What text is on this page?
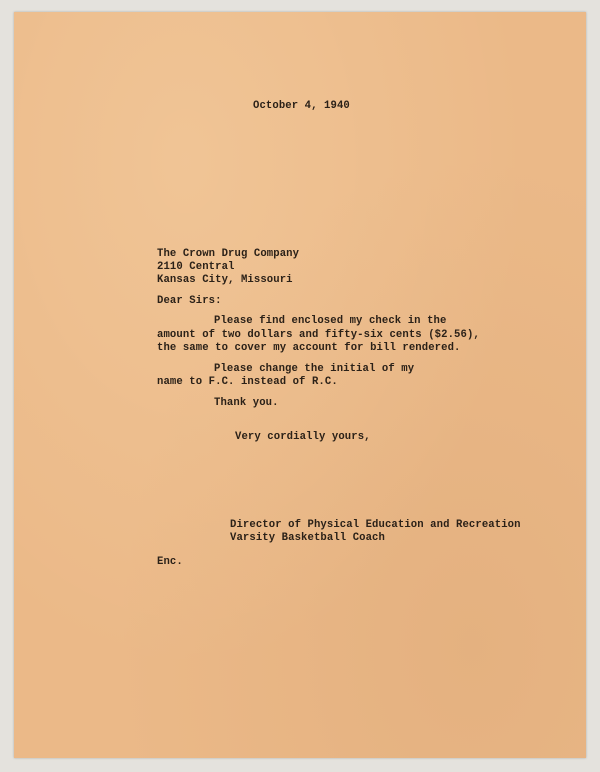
October 4, 1940

The Crown Drug Company

2110 Central

Kansas City, Missouri

Dear Sirs:

Please find enclosed my check in the

amount of two dollars and fifty-six cents ($2.56),

the same to cover my account for bill rendered.

Please change the initial of my

name to F.C. instead of R.C.

Thank you.

Very cordially yours,

Director of Physical Education and Recreation

Varsity Basketball Coach

Enc.
